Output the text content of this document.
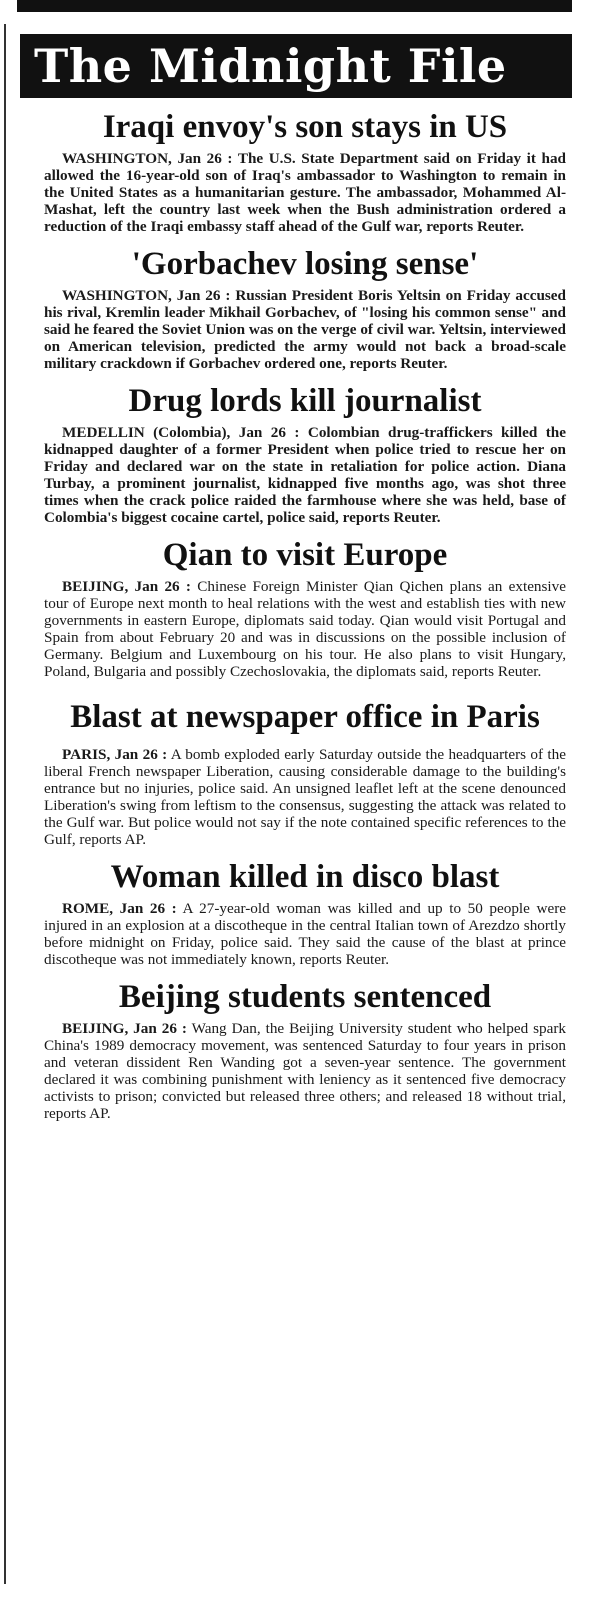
The Midnight File
Iraqi envoy's son stays in US

WASHINGTON, Jan 26 : The U.S. State Department said on Friday it had allowed the 16-year-old son of Iraq's ambassador to Washington to remain in the United States as a humanitarian gesture. The ambassador, Mohammed Al-Mashat, left the country last week when the Bush administration ordered a reduction of the Iraqi embassy staff ahead of the Gulf war, reports Reuter.

'Gorbachev losing sense'

WASHINGTON, Jan 26 : Russian President Boris Yeltsin on Friday accused his rival, Kremlin leader Mikhail Gorbachev, of "losing his common sense" and said he feared the Soviet Union was on the verge of civil war. Yeltsin, interviewed on American television, predicted the army would not back a broad-scale military crackdown if Gorbachev ordered one, reports Reuter.

Drug lords kill journalist

MEDELLIN (Colombia), Jan 26 : Colombian drug-traffickers killed the kidnapped daughter of a former President when police tried to rescue her on Friday and declared war on the state in retaliation for police action. Diana Turbay, a prominent journalist, kidnapped five months ago, was shot three times when the crack police raided the farmhouse where she was held, base of Colombia's biggest cocaine cartel, police said, reports Reuter.

Qian to visit Europe

BEIJING, Jan 26 : Chinese Foreign Minister Qian Qichen plans an extensive tour of Europe next month to heal relations with the west and establish ties with new governments in eastern Europe, diplomats said today. Qian would visit Portugal and Spain from about February 20 and was in discussions on the possible inclusion of Germany. Belgium and Luxembourg on his tour. He also plans to visit Hungary, Poland, Bulgaria and possibly Czechoslovakia, the diplomats said, reports Reuter.

Blast at newspaper office in Paris

PARIS, Jan 26 : A bomb exploded early Saturday outside the headquarters of the liberal French newspaper Liberation, causing considerable damage to the building's entrance but no injuries, police said. An unsigned leaflet left at the scene denounced Liberation's swing from leftism to the consensus, suggesting the attack was related to the Gulf war. But police would not say if the note contained specific references to the Gulf, reports AP.

Woman killed in disco blast

ROME, Jan 26 : A 27-year-old woman was killed and up to 50 people were injured in an explosion at a discotheque in the central Italian town of Arezdzo shortly before midnight on Friday, police said. They said the cause of the blast at prince discotheque was not immediately known, reports Reuter.

Beijing students sentenced

BEIJING, Jan 26 : Wang Dan, the Beijing University student who helped spark China's 1989 democracy movement, was sentenced Saturday to four years in prison and veteran dissident Ren Wanding got a seven-year sentence. The government declared it was combining punishment with leniency as it sentenced five democracy activists to prison; convicted but released three others; and released 18 without trial, reports AP.
